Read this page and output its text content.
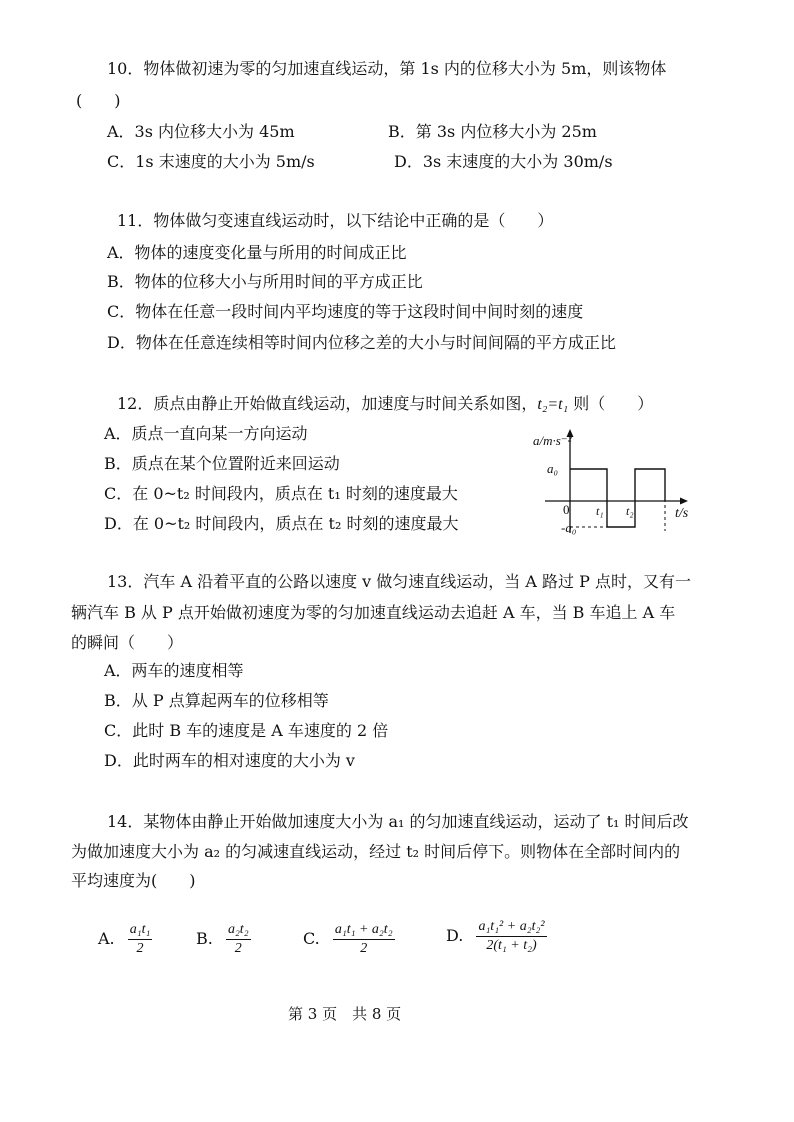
10．物体做初速为零的匀加速直线运动，第 1s 内的位移大小为 5m，则该物体
(　　)
A．3s 内位移大小为 45m	B．第 3s 内位移大小为 25m
C．1s 末速度的大小为 5m/s	D．3s 末速度的大小为 30m/s
11．物体做匀变速直线运动时，以下结论中正确的是（　　）
A．物体的速度变化量与所用的时间成正比
B．物体的位移大小与所用时间的平方成正比
C．物体在任意一段时间内平均速度的等于这段时间中间时刻的速度
D．物体在任意连续相等时间内位移之差的大小与时间间隔的平方成正比
12．质点由静止开始做直线运动，加速度与时间关系如图，t₂=t₁ 则（　　）
A．质点一直向某一方向运动
B．质点在某个位置附近来回运动
C．在 0~t₂ 时间段内，质点在 t₁ 时刻的速度最大
D．在 0~t₂ 时间段内，质点在 t₂ 时刻的速度最大
a/m·s⁻²
t/s
0
a₀
-a₀
t₁ t₂
13．汽车 A 沿着平直的公路以速度 v 做匀速直线运动，当 A 路过 P 点时，又有一
辆汽车 B 从 P 点开始做初速度为零的匀加速直线运动去追赶 A 车，当 B 车追上 A 车
的瞬间（　　）
A．两车的速度相等
B．从 P 点算起两车的位移相等
C．此时 B 车的速度是 A 车速度的 2 倍
D．此时两车的相对速度的大小为 v
14．某物体由静止开始做加速度大小为 a₁ 的匀加速直线运动，运动了 t₁ 时间后改
为做加速度大小为 a₂ 的匀减速直线运动，经过 t₂ 时间后停下。则物体在全部时间内的
平均速度为(　　)
A. $\frac{\text{a₁t₁}}{2}$	B. $\frac{\text{a₂t₂}}{2}$	C. $\frac{\text{a₁t₁ + a₂t₂}}{2}$	D. $\frac{\text{a₁t₁² + a₂t₂²}}{\text{2(t₁ + t₂)}}$
第 3 页　共 8 页
